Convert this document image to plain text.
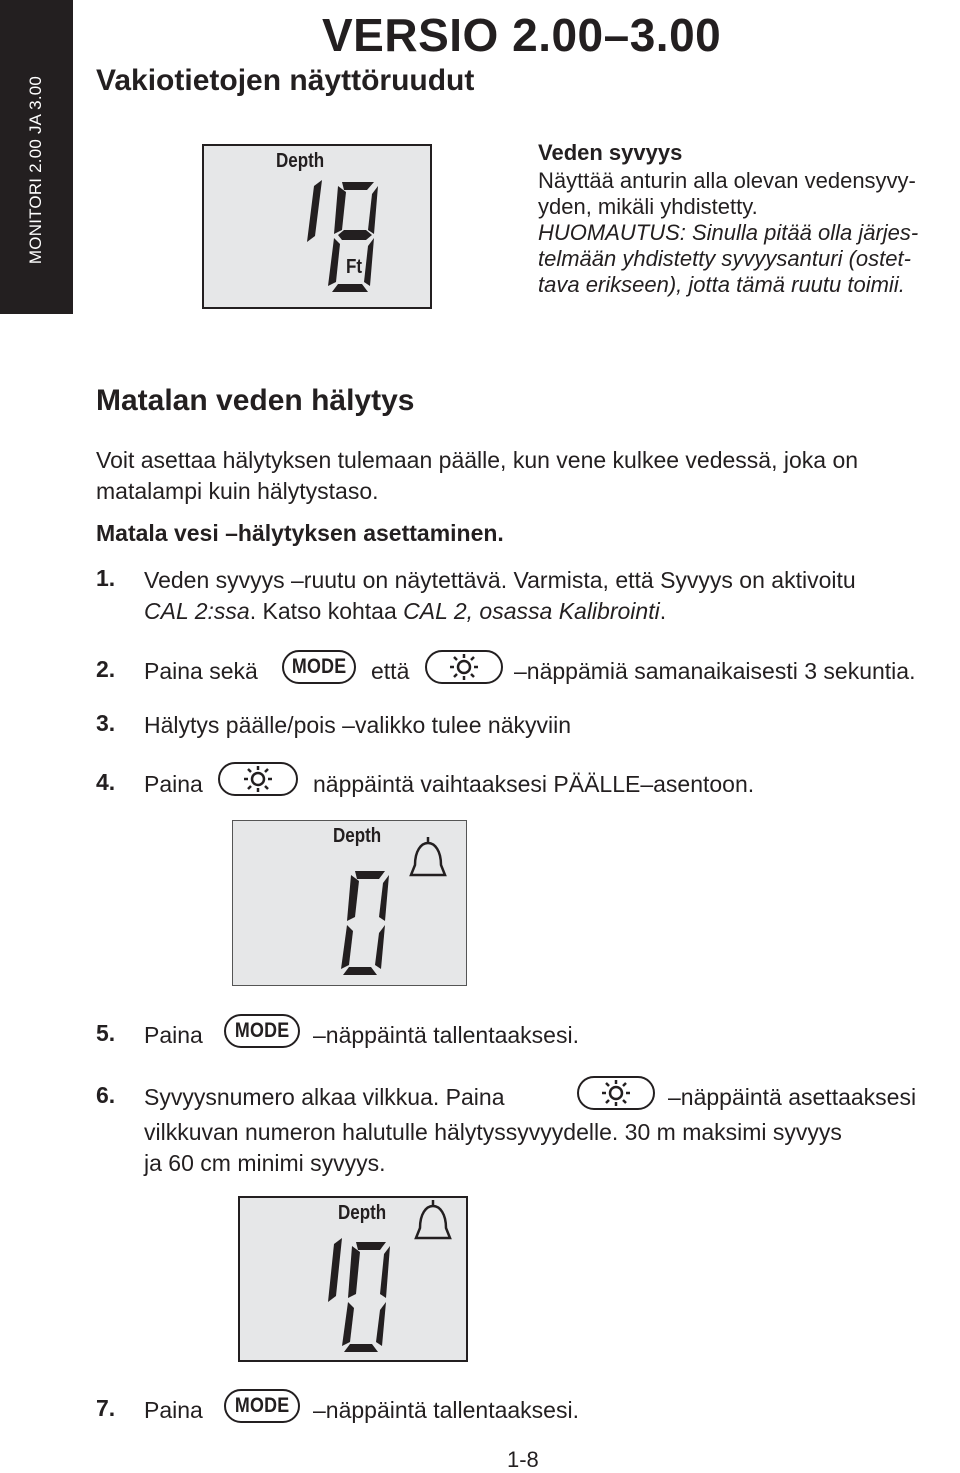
MONITORI 2.00 JA 3.00
VERSIO 2.00–3.00
Vakiotietojen näyttöruudut
Depth
Ft
Veden syvyys
Näyttää anturin alla olevan vedensyvy-
yden, mikäli yhdistetty.
HUOMAUTUS: Sinulla pitää olla järjes-
telmään yhdistetty syvyysanturi (ostet-
tava erikseen), jotta tämä ruutu toimii.
Matalan veden hälytys
Voit asettaa hälytyksen tulemaan päälle, kun vene kulkee vedessä, joka on matalampi kuin hälytystaso.
Matala vesi –hälytyksen asettaminen.
1. Veden syvyys –ruutu on näytettävä. Varmista, että Syvyys on aktivoitu
CAL 2:ssa. Katso kohtaa CAL 2, osassa Kalibrointi.
2. Paina sekä MODE että	–näppämiä samanaikaisesti 3 sekuntia.
3. Hälytys päälle/pois –valikko tulee näkyviin
4. Paina	näppäintä vaihtaaksesi PÄÄLLE–asentoon.
Depth
5. Paina MODE –näppäintä tallentaaksesi.
6. Syvyysnumero alkaa vilkkua. Paina	–näppäintä asettaaksesi
vilkkuvan numeron halutulle hälytyssyvyydelle. 30 m maksimi syvyys
ja 60 cm minimi syvyys.
Depth
7. Paina MODE –näppäintä tallentaaksesi.
1-8
